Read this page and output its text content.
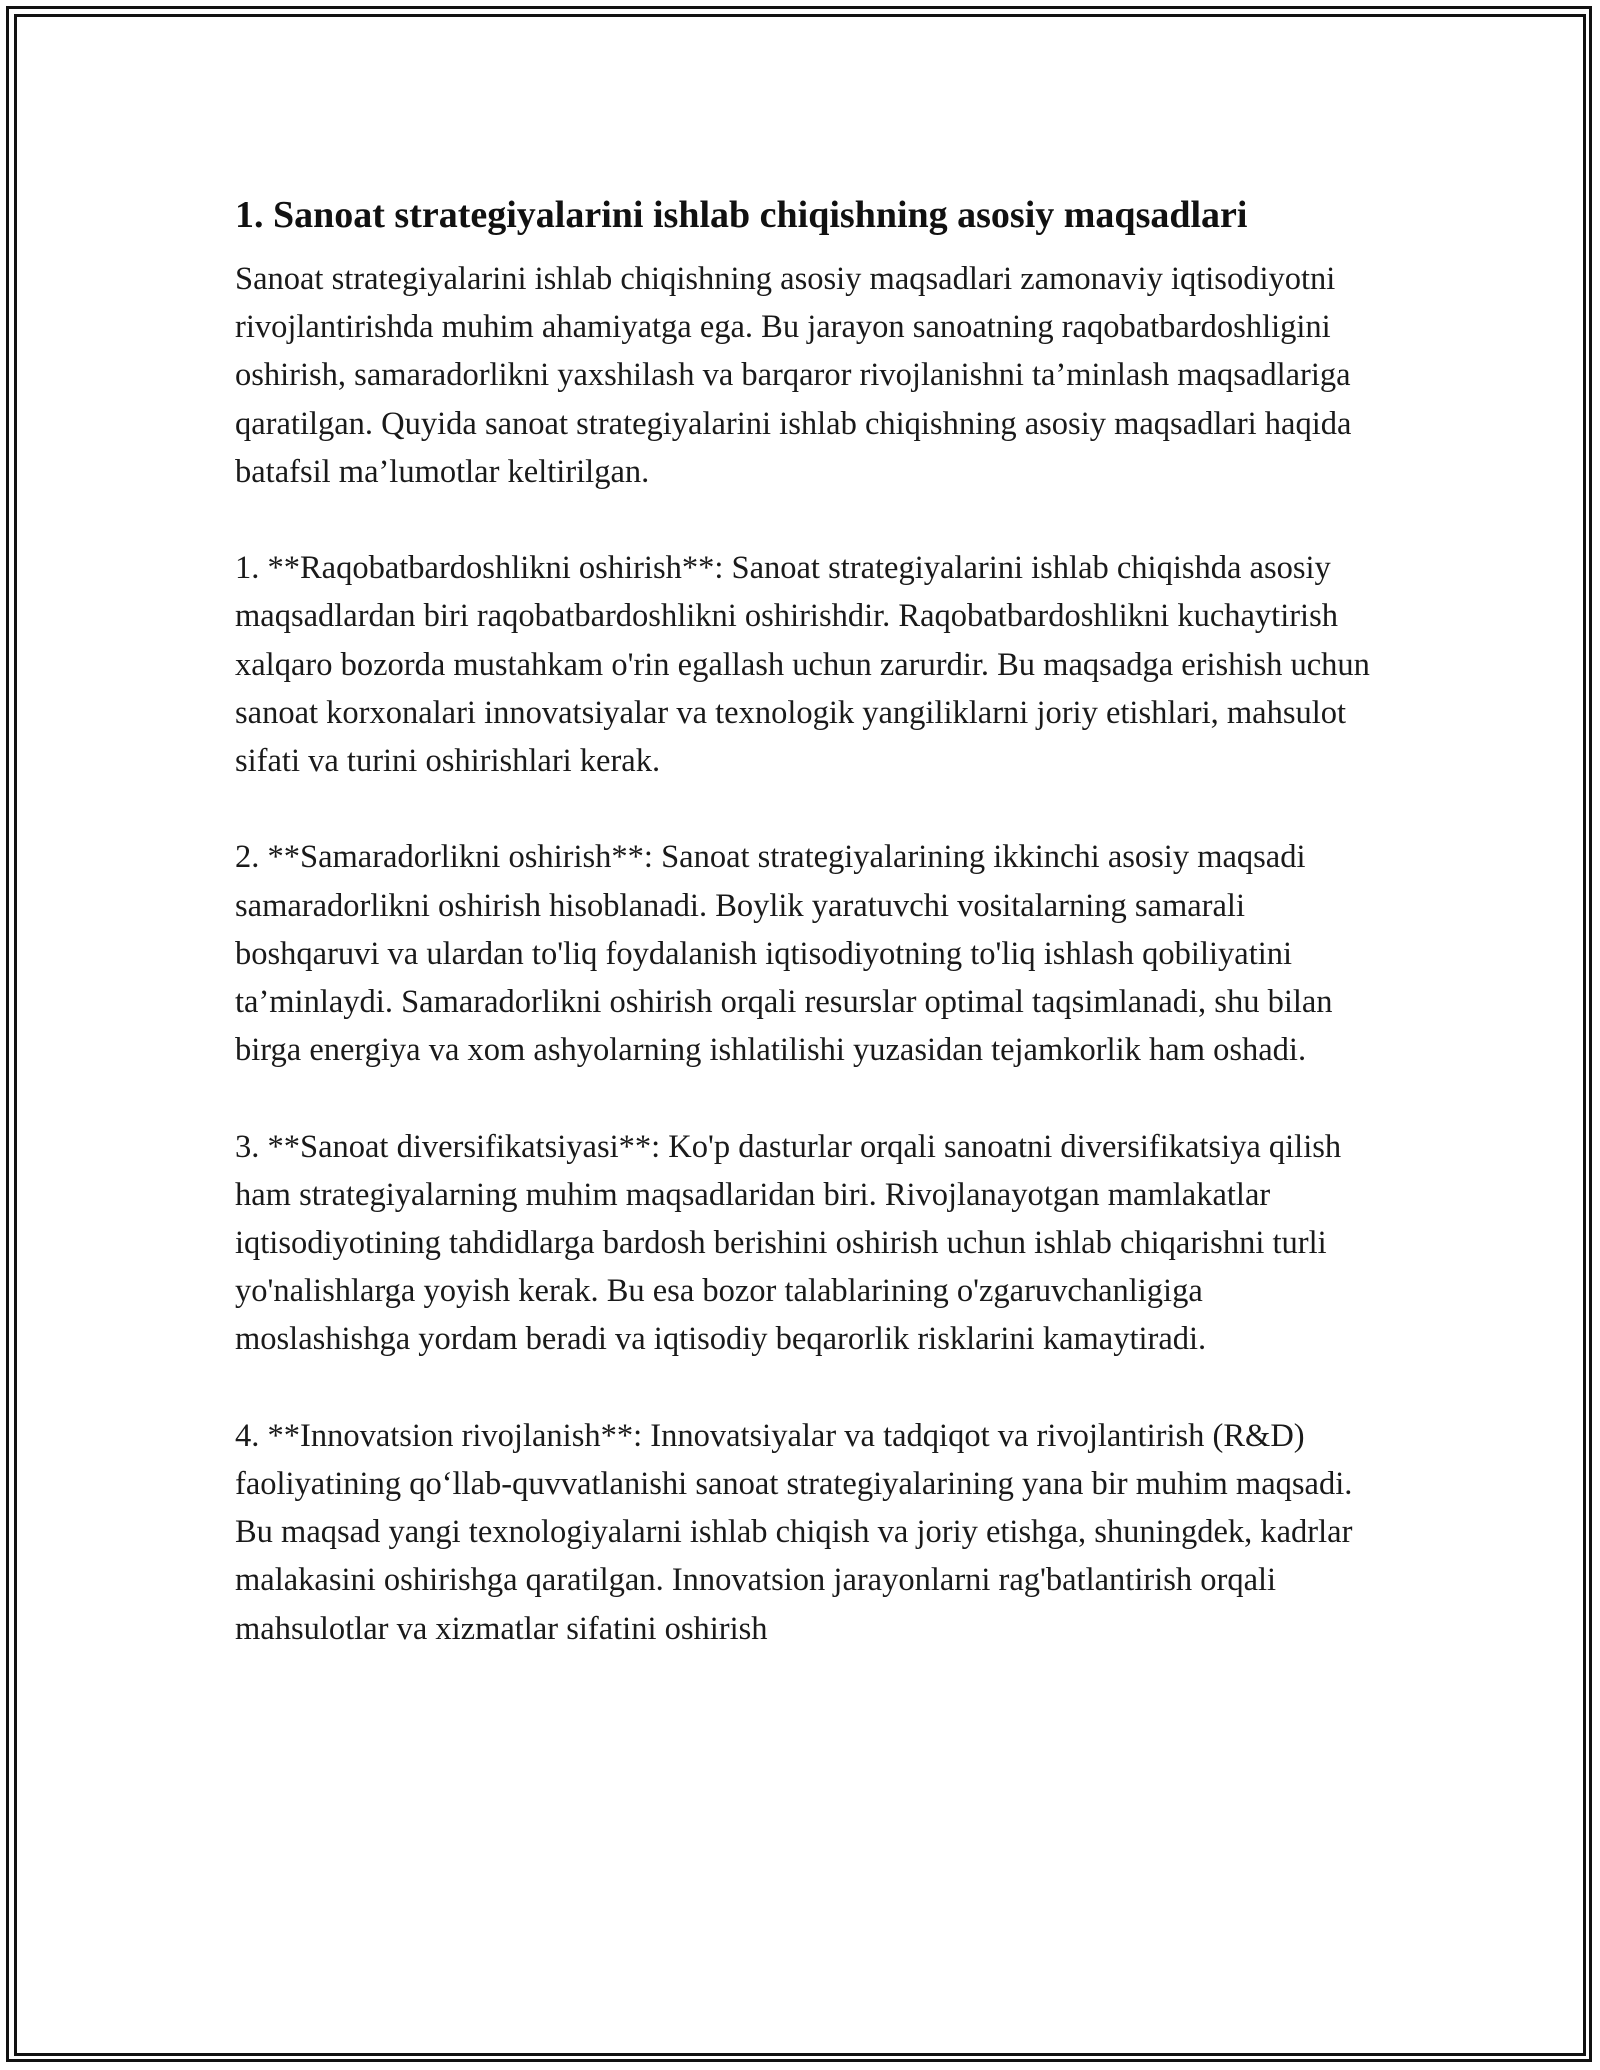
1. Sanoat strategiyalarini ishlab chiqishning asosiy maqsadlari

Sanoat strategiyalarini ishlab chiqishning asosiy maqsadlari zamonaviy iqtisodiyotni rivojlantirishda muhim ahamiyatga ega. Bu jarayon sanoatning raqobatbardoshligini oshirish, samaradorlikni yaxshilash va barqaror rivojlanishni ta’minlash maqsadlariga qaratilgan. Quyida sanoat strategiyalarini ishlab chiqishning asosiy maqsadlari haqida batafsil ma’lumotlar keltirilgan.

1. **Raqobatbardoshlikni oshirish**: Sanoat strategiyalarini ishlab chiqishda asosiy maqsadlardan biri raqobatbardoshlikni oshirishdir. Raqobatbardoshlikni kuchaytirish xalqaro bozorda mustahkam o'rin egallash uchun zarurdir. Bu maqsadga erishish uchun sanoat korxonalari innovatsiyalar va texnologik yangiliklarni joriy etishlari, mahsulot sifati va turini oshirishlari kerak.

2. **Samaradorlikni oshirish**: Sanoat strategiyalarining ikkinchi asosiy maqsadi samaradorlikni oshirish hisoblanadi. Boylik yaratuvchi vositalarning samarali boshqaruvi va ulardan to'liq foydalanish iqtisodiyotning to'liq ishlash qobiliyatini ta’minlaydi. Samaradorlikni oshirish orqali resurslar optimal taqsimlanadi, shu bilan birga energiya va xom ashyolarning ishlatilishi yuzasidan tejamkorlik ham oshadi.

3. **Sanoat diversifikatsiyasi**: Ko'p dasturlar orqali sanoatni diversifikatsiya qilish ham strategiyalarning muhim maqsadlaridan biri. Rivojlanayotgan mamlakatlar iqtisodiyotining tahdidlarga bardosh berishini oshirish uchun ishlab chiqarishni turli yo'nalishlarga yoyish kerak. Bu esa bozor talablarining o'zgaruvchanligiga moslashishga yordam beradi va iqtisodiy beqarorlik risklarini kamaytiradi.

4. **Innovatsion rivojlanish**: Innovatsiyalar va tadqiqot va rivojlantirish (R&D) faoliyatining qo‘llab-quvvatlanishi sanoat strategiyalarining yana bir muhim maqsadi. Bu maqsad yangi texnologiyalarni ishlab chiqish va joriy etishga, shuningdek, kadrlar malakasini oshirishga qaratilgan. Innovatsion jarayonlarni rag'batlantirish orqali mahsulotlar va xizmatlar sifatini oshirish
